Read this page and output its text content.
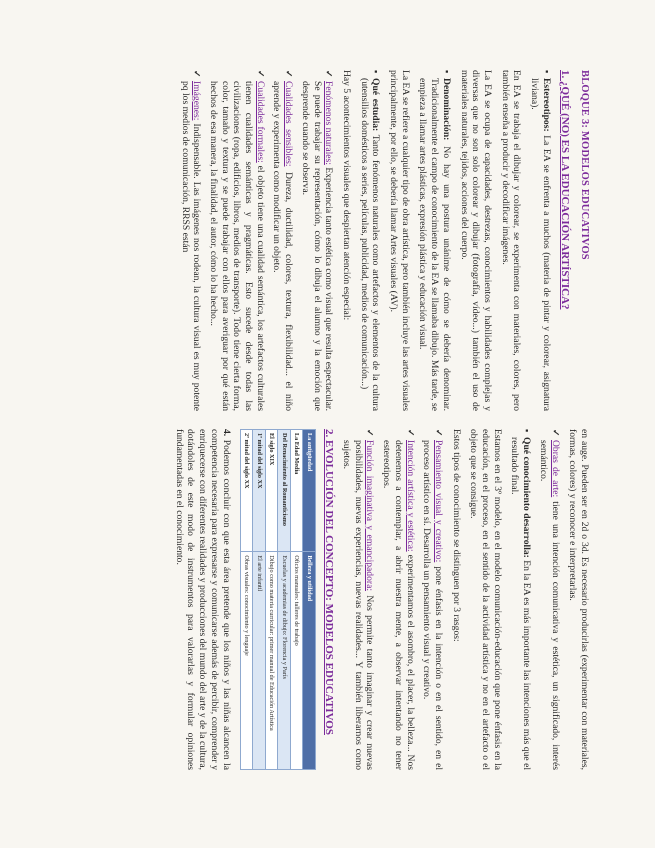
BLOQUE 3: MODELOS EDUCATIVOS
1. ¿QUÉ (NO) ES LA EDUCACIÓN ARTÍSTICA?
▪ Estereotipos: La EA se enfrenta a muchos (materia de pintar y colorear, asignatura liviana).
En EA se trabaja el dibujar y colorear, se experimenta con materiales, colores, pero también enseña a producir y decodificar imágenes.
La EA se ocupa de capacidades, destrezas, conocimientos y habilidades complejas y diversas que no son solo colorear y dibujar (fotografía, vídeo...) también el uso de materiales naturales, tejidos, acciones del cuerpo.
▪ Denominación: No hay una postura unánime de cómo se debería denominar. Tradicionalmente el campo de conocimiento de la EA se llamaba dibujo. Más tarde, se empieza a llamar artes plásticas, expresión plástica y educación visual.
La EA se refiere a cualquier tipo de obra artística, pero también incluye las artes visuales principalmente, por ello, se debería llamar Artes visuales (AV).
▪ Qué estudia: Tanto fenómenos naturales como artefactos y elementos de la cultura (utensilios domésticos a series, películas, publicidad, medios de comunicación...)
Hay 5 acontecimientos visuales que despiertan atención especial:
✓ Fenómenos naturales: Experiencia tanto estética como visual que resulta espectacular. Se puede trabajar su representación, cómo lo dibuja el alumno y la emoción que desprende cuando se observa.
✓ Cualidades sensibles: Dureza, ductilidad, colores, textura, flexibilidad... el niño aprende y experimenta como modificar un objeto.
✓ Cualidades formales: el objeto tiene una cualidad semántica, los artefactos culturales tienen cualidades semánticas y pragmáticas. Esto sucede desde todas las civilizaciones (ropa, edificios, libros, medios de transporte). Todo tiene cierta forma, color, tamaño y textura y se puede trabajar con ellos para averiguar por qué están hechos de esa manera, la finalidad, el autor, cómo lo ha hecho...
✓ Imágenes: Indispensable. Las imágenes nos rodean, la cultura visual es muy potente pq los medios de comunicación, RRSS están
en auge. Pueden ser en 2d o 3d. Es necesario producirlas (experimentar con materiales, formas, colores) y reconocer e interpretarlas.
✓ Obras de arte: tiene una intención comunicativa y estética, un significado, interés semántico.
▪ Qué conocimiento desarrolla: En la EA es más importante las intenciones más que el resultado final.
Estamos en el 3º modelo, en el modelo comunicación-educación que pone énfasis en la educación, en el proceso, en el sentido de la actividad artística y no en el artefacto o el objeto que se consigue.
Estos tipos de conocimiento se distinguen por 3 rasgos:
✓ Pensamiento visual y creativo: pone énfasis en la intención o en el sentido, en el proceso artístico en sí. Desarrolla un pensamiento visual y creativo.
✓ Intención artística y estética: experimentamos el asombro, el placer, la belleza... Nos detenemos a contemplar, a abrir nuestra mente, a observar intentando no tener estereotipos.
✓ Función imaginativa y emancipadora: Nos permite tanto imaginar y crear nuevas posibilidades, nuevas experiencias, nuevas realidades... Y también liberarnos como sujetos.
2. EVOLUCIÓN DEL CONCEPTO: MODELOS EDUCATIVOS
La antigüedad	Belleza y utilidad
La Edad Media	Oficios manuales: talleres de trabajo
Del Renacimiento al Romanticismo	Escuelas y academias de dibujo: Florencia y París
El siglo XIX	Dibujo como materia curricular: primer manual de Educación Artística
1ª mitad del siglo XX	El arte infantil
2ª mitad del siglo XX	Obras visuales: conocimiento y lenguaje
4. Podemos concluir con que esta área pretende que los niños y las niñas alcancen la competencia necesaria para expresarse y comunicarse además de percibir, comprender y enriquecerse con diferentes realidades y producciones del mundo del arte y de la cultura, dotándoles de este modo de instrumentos para valorarlas y formular opiniones fundamentadas en el conocimiento.
